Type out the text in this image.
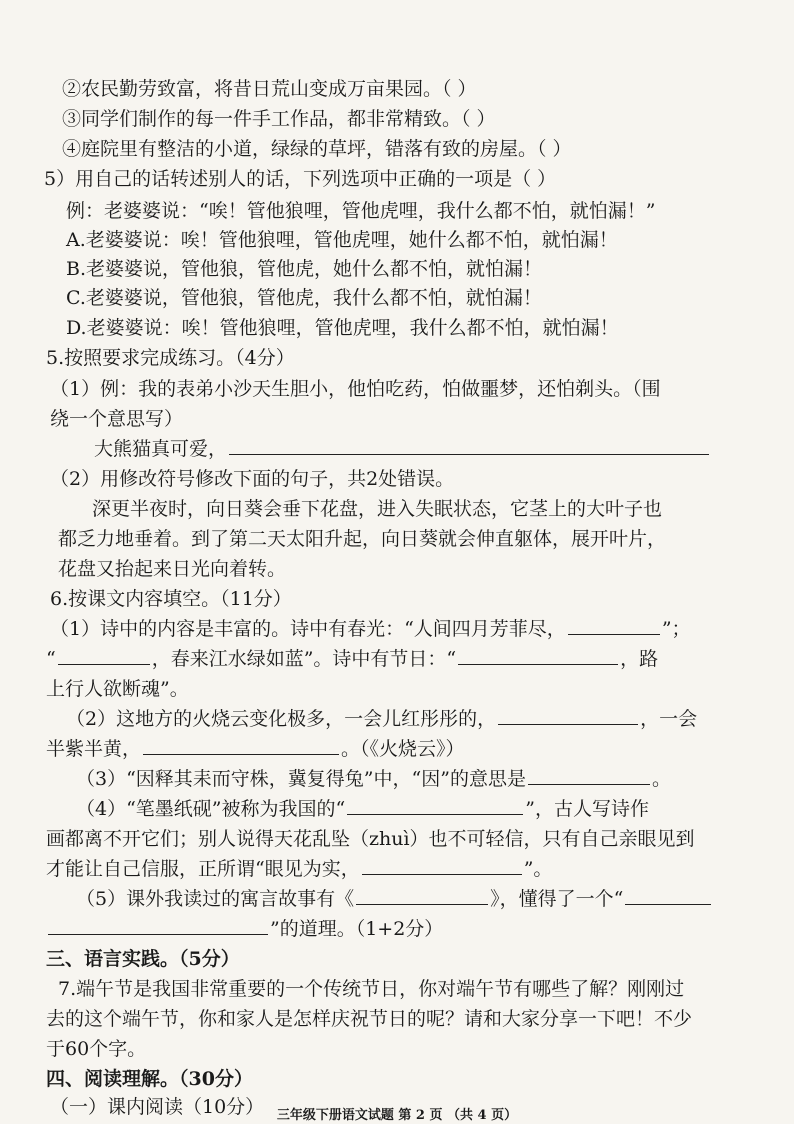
②农民勤劳致富，将昔日荒山变成万亩果园。（ ）
③同学们制作的每一件手工作品，都非常精致。（ ）
④庭院里有整洁的小道，绿绿的草坪，错落有致的房屋。（ ）
5）用自己的话转述别人的话，下列选项中正确的一项是（ ）
例：老婆婆说：“唉！管他狼哩，管他虎哩，我什么都不怕，就怕漏！”
A.老婆婆说：唉！管他狼哩，管他虎哩，她什么都不怕，就怕漏！
B.老婆婆说，管他狼，管他虎，她什么都不怕，就怕漏！
C.老婆婆说，管他狼，管他虎，我什么都不怕，就怕漏！
D.老婆婆说：唉！管他狼哩，管他虎哩，我什么都不怕，就怕漏！
5.按照要求完成练习。（4分）
（1）例：我的表弟小沙天生胆小，他怕吃药，怕做噩梦，还怕剃头。（围
绕一个意思写）
大熊猫真可爱，
（2）用修改符号修改下面的句子，共2处错误。
深更半夜时，向日葵会垂下花盘，进入失眠状态，它茎上的大叶子也
都乏力地垂着。到了第二天太阳升起，向日葵就会伸直躯体，展开叶片，
花盘又抬起来日光向着转。
6.按课文内容填空。（11分）
（1）诗中的内容是丰富的。诗中有春光：“人间四月芳菲尽，	”；
“	，春来江水绿如蓝”。诗中有节日：“	，路
上行人欲断魂”。
（2）这地方的火烧云变化极多，一会儿红彤彤的，	，一会
半紫半黄，	。（《火烧云》）
（3）“因释其耒而守株，冀复得兔”中，“因”的意思是	。
（4）“笔墨纸砚”被称为我国的“	”，古人写诗作
画都离不开它们；别人说得天花乱坠（zhuì）也不可轻信，只有自己亲眼见到
才能让自己信服，正所谓“眼见为实，	”。
（5）课外我读过的寓言故事有《	》，懂得了一个“
”的道理。（1+2分）
三、语言实践。（5分）
7.端午节是我国非常重要的一个传统节日，你对端午节有哪些了解？刚刚过
去的这个端午节，你和家人是怎样庆祝节日的呢？请和大家分享一下吧！不少
于60个字。
四、阅读理解。（30分）
（一）课内阅读（10分） 三年级下册语文试题 第 2 页 （共 4 页）
